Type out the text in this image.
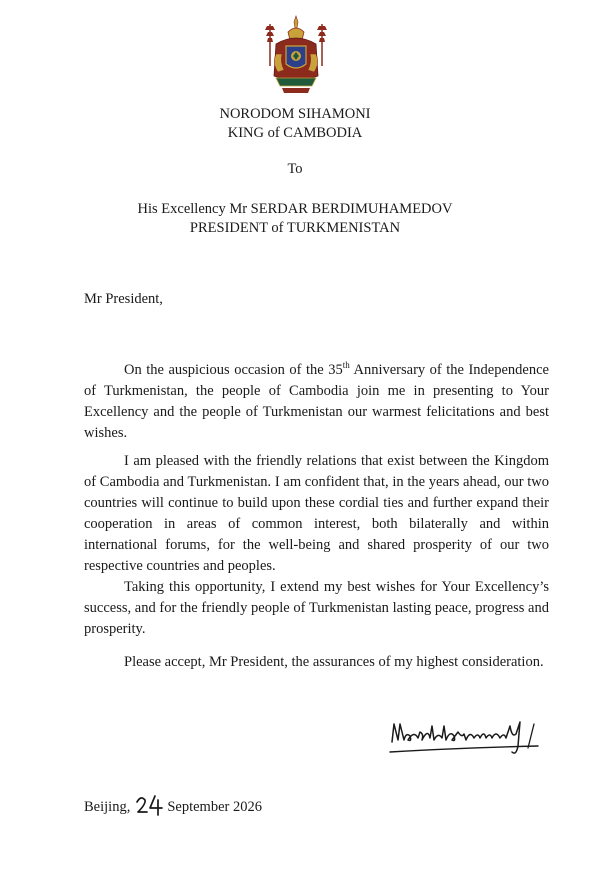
NORODOM SIHAMONI
KING of CAMBODIA
To
His Excellency Mr SERDAR BERDIMUHAMEDOV
PRESIDENT of TURKMENISTAN
Mr President,

On the auspicious occasion of the 35th Anniversary of the Independence of Turkmenistan, the people of Cambodia join me in presenting to Your Excellency and the people of Turkmenistan our warmest felicitations and best wishes.

I am pleased with the friendly relations that exist between the Kingdom of Cambodia and Turkmenistan. I am confident that, in the years ahead, our two countries will continue to build upon these cordial ties and further expand their cooperation in areas of common interest, both bilaterally and within international forums, for the well-being and shared prosperity of our two respective countries and peoples.

Taking this opportunity, I extend my best wishes for Your Excellency’s success, and for the friendly people of Turkmenistan lasting peace, progress and prosperity.

Please accept, Mr President, the assurances of my highest consideration.

Beijing,	September 2026
